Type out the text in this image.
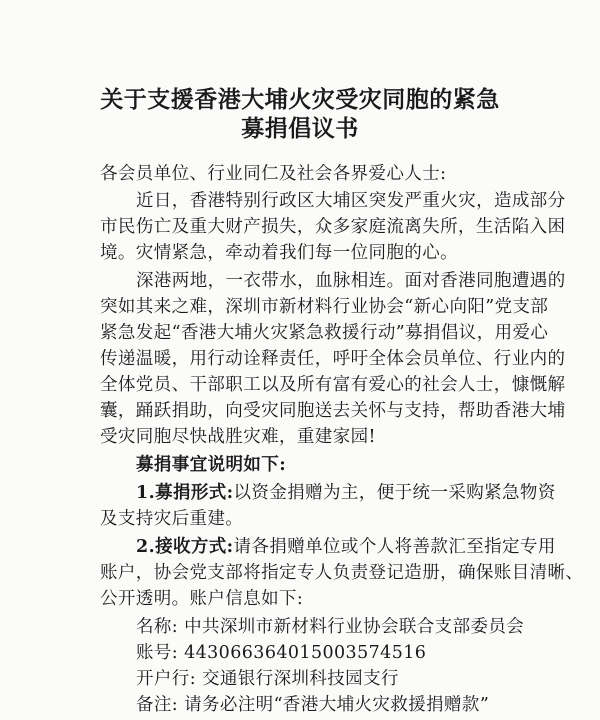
关于支援香港大埔火灾受灾同胞的紧急
募捐倡议书
各会员单位、行业同仁及社会各界爱心人士:
近日，香港特别行政区大埔区突发严重火灾，造成部分
市民伤亡及重大财产损失，众多家庭流离失所，生活陷入困
境。灾情紧急，牵动着我们每一位同胞的心。
深港两地，一衣带水，血脉相连。面对香港同胞遭遇的
突如其来之难，深圳市新材料行业协会“新心向阳”党支部
紧急发起“香港大埔火灾紧急救援行动”募捐倡议，用爱心
传递温暖，用行动诠释责任，呼吁全体会员单位、行业内的
全体党员、干部职工以及所有富有爱心的社会人士，慷慨解
囊，踊跃捐助，向受灾同胞送去关怀与支持，帮助香港大埔
受灾同胞尽快战胜灾难，重建家园!
募捐事宜说明如下:
1.募捐形式:以资金捐赠为主，便于统一采购紧急物资
及支持灾后重建。
2.接收方式:请各捐赠单位或个人将善款汇至指定专用
账户，协会党支部将指定专人负责登记造册，确保账目清晰、
公开透明。账户信息如下:
名称: 中共深圳市新材料行业协会联合支部委员会
账号: 443066364015003574516
开户行: 交通银行深圳科技园支行
备注: 请务必注明“香港大埔火灾救援捐赠款”
